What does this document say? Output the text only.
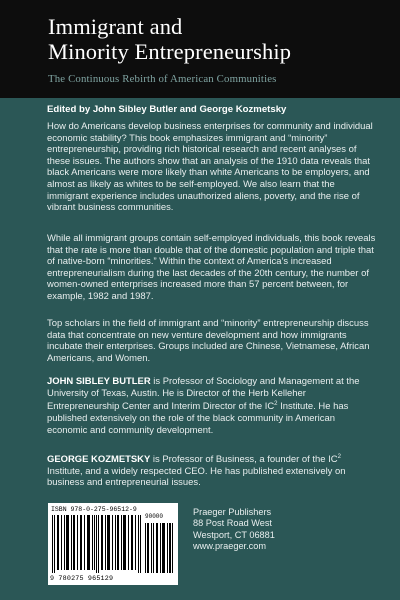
Immigrant and
Minority Entrepreneurship
The Continuous Rebirth of American Communities
Edited by John Sibley Butler and George Kozmetsky

How do Americans develop business enterprises for community and individual economic stability? This book emphasizes immigrant and “minority” entrepreneurship, providing rich historical research and recent analyses of these issues. The authors show that an analysis of the 1910 data reveals that black Americans were more likely than white Americans to be employers, and almost as likely as whites to be self-employed. We also learn that the immigrant experience includes unauthorized aliens, poverty, and the rise of vibrant business communities.

While all immigrant groups contain self-employed individuals, this book reveals that the rate is more than double that of the domestic population and triple that of native-born “minorities.” Within the context of America’s increased entrepreneurialism during the last decades of the 20th century, the number of women-owned enterprises increased more than 57 percent between, for example, 1982 and 1987.

Top scholars in the field of immigrant and “minority” entrepreneurship discuss data that concentrate on new venture development and how immigrants incubate their enterprises. Groups included are Chinese, Vietnamese, African Americans, and Women.

JOHN SIBLEY BUTLER is Professor of Sociology and Management at the University of Texas, Austin. He is Director of the Herb Kelleher Entrepreneurship Center and Interim Director of the $IC^2$ Institute. He has published extensively on the role of the black community in American economic and community development.

GEORGE KOZMETSKY is Professor of Business, a founder of the $IC^2$ Institute, and a widely respected CEO. He has published extensively on business and entrepreneurial issues.

ISBN 978-0-275-96512-9
90000
9 780275 965129
Praeger Publishers
88 Post Road West
Westport, CT 06881
www.praeger.com
